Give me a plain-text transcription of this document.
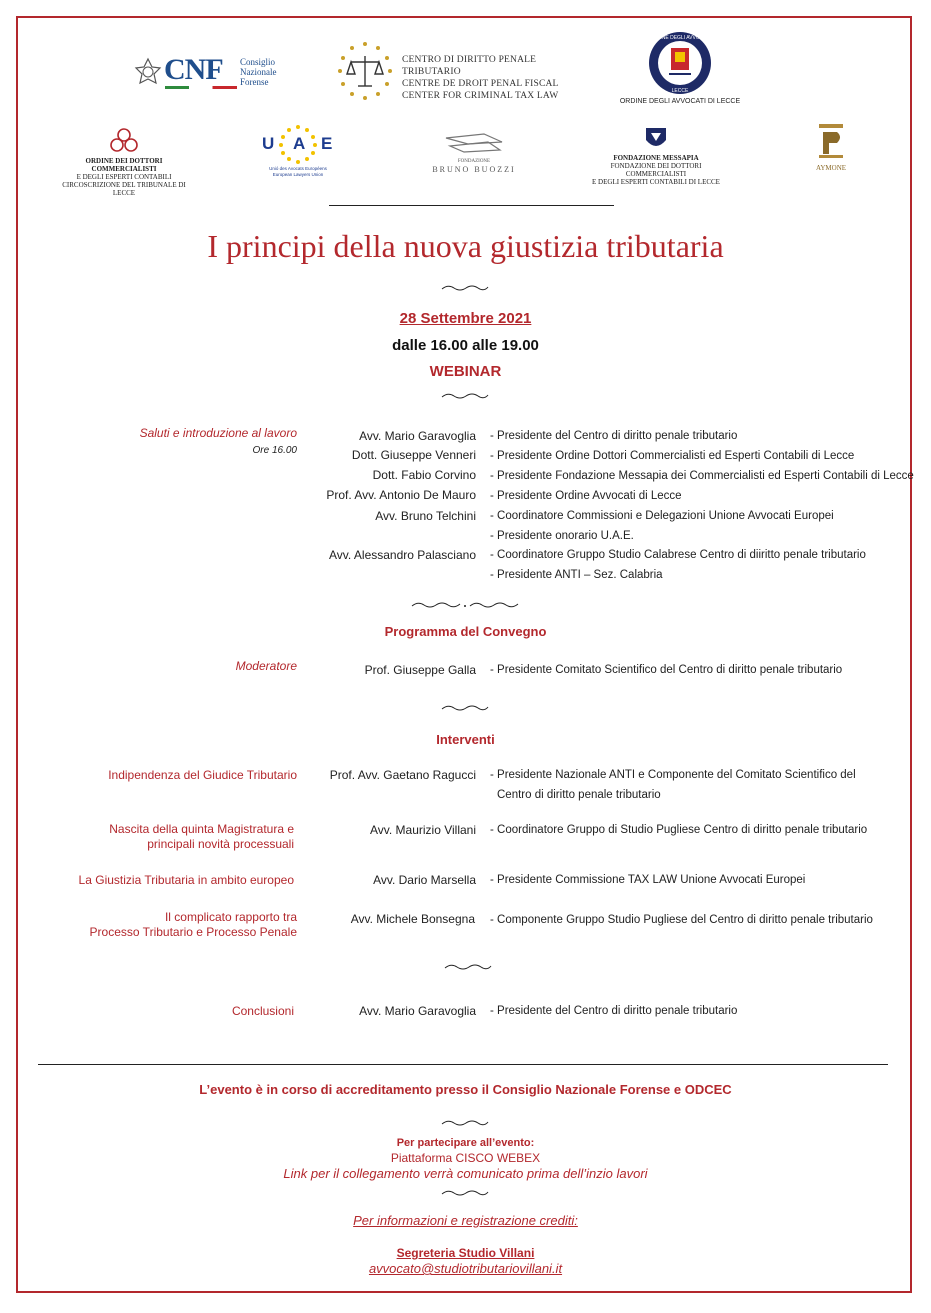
CNF Consiglio
Nazionale
Forense
CENTRO DI DIRITTO PENALE TRIBUTARIO
CENTRE DE DROIT PENAL FISCAL
CENTER FOR CRIMINAL TAX LAW
ORDINE DEGLI AVVOCATI
LECCE
ORDINE DEGLI AVVOCATI DI LECCE
ORDINE DEI DOTTORI COMMERCIALISTI
E DEGLI ESPERTI CONTABILI
CIRCOSCRIZIONE DEL TRIBUNALE DI LECCE
U A E
Unió des Avocats Européens
European Lawyers Union
FONDAZIONE
BRUNO BUOZZI
FONDAZIONE MESSAPIA
FONDAZIONE DEI DOTTORI COMMERCIALISTI
E DEGLI ESPERTI CONTABILI DI LECCE
AYMONE
I principi della nuova giustizia tributaria
28 Settembre 2021
dalle 16.00 alle 19.00
WEBINAR
Saluti e introduzione al lavoro
Ore 16.00
Avv. Mario Garavoglia - Presidente del Centro di diritto penale tributario
Dott. Giuseppe Venneri - Presidente Ordine Dottori Commercialisti ed Esperti Contabili di Lecce
Dott. Fabio Corvino - Presidente Fondazione Messapia dei Commercialisti ed Esperti Contabili di Lecce
Prof. Avv. Antonio De Mauro - Presidente Ordine Avvocati di Lecce
Avv. Bruno Telchini - Coordinatore Commissioni e Delegazioni Unione Avvocati Europei
- Presidente onorario U.A.E.
Avv. Alessandro Palasciano - Coordinatore Gruppo Studio Calabrese Centro di diiritto penale tributario
- Presidente ANTI – Sez. Calabria
Programma del Convegno
Moderatore	Prof. Giuseppe Galla - Presidente Comitato Scientifico del Centro di diritto penale tributario
Interventi
Indipendenza del Giudice Tributario	Prof. Avv. Gaetano Ragucci - Presidente Nazionale ANTI e Componente del Comitato Scientifico del
Centro di diritto penale tributario
Nascita della quinta Magistratura e
principali novità processuali
Avv. Maurizio Villani - Coordinatore Gruppo di Studio Pugliese Centro di diritto penale tributario
La Giustizia Tributaria in ambito europeo	Avv. Dario Marsella - Presidente Commissione TAX LAW Unione Avvocati Europei
Il complicato rapporto tra
Processo Tributario e Processo Penale
Avv. Michele Bonsegna - Componente Gruppo Studio Pugliese del Centro di diritto penale tributario
Conclusioni	Avv. Mario Garavoglia - Presidente del Centro di diritto penale tributario
L’evento è in corso di accreditamento presso il Consiglio Nazionale Forense e ODCEC
Per partecipare all’evento:
Piattaforma CISCO WEBEX
Link per il collegamento verrà comunicato prima dell’inzio lavori
Per informazioni e registrazione crediti:
Segreteria Studio Villani
avvocato@studiotributariovillani.it
